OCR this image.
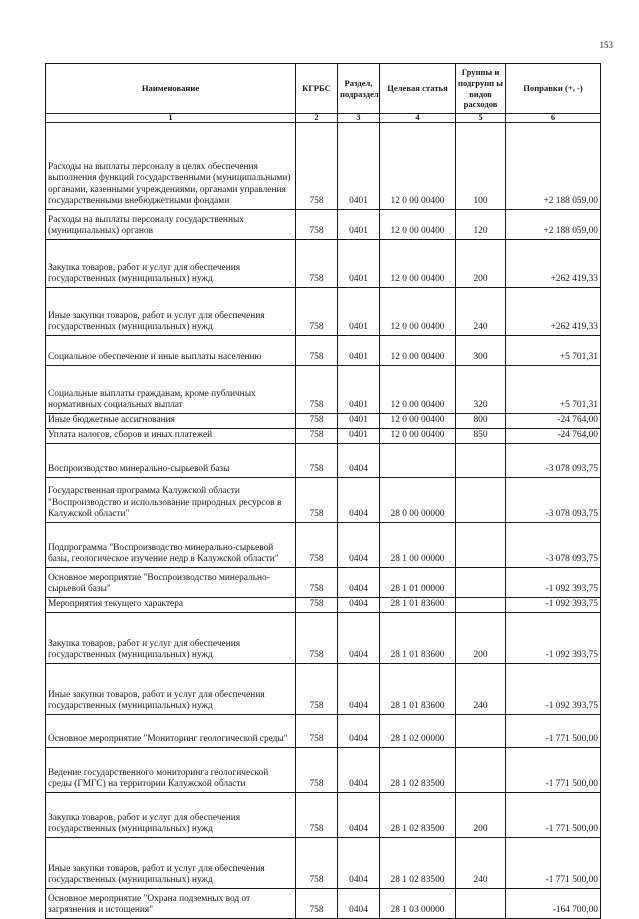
153
Наименование	КГРБС	Раздел, подраздел	Целевая статья	Группы и подгрупп ы видов расходов	Поправки (+, -)
1	2	3	4	5	6
Расходы на выплаты персоналу в целях обеспечения выполнения функций государственными (муниципальными) органами, казенными учреждениями, органами управления государственными внебюджетными фондами	758	0401	12 0 00 00400	100	+2 188 059,00
Расходы на выплаты персоналу государственных (муниципальных) органов	758	0401	12 0 00 00400	120	+2 188 059,00
Закупка товаров, работ и услуг для обеспечения государственных (муниципальных) нужд	758	0401	12 0 00 00400	200	+262 419,33
Иные закупки товаров, работ и услуг для обеспечения государственных (муниципальных) нужд	758	0401	12 0 00 00400	240	+262 419,33
Социальное обеспечение и иные выплаты населению	758	0401	12 0 00 00400	300	+5 701,31
Социальные выплаты гражданам, кроме публичных нормативных социальных выплат	758	0401	12 0 00 00400	320	+5 701,31
Иные бюджетные ассигнования	758	0401	12 0 00 00400	800	-24 764,00
Уплата налогов, сборов и иных платежей	758	0401	12 0 00 00400	850	-24 764,00
Воспроизводство минерально-сырьевой базы	758	0404			-3 078 093,75
Государственная программа Калужской области "Воспроизводство и использование природных ресурсов в Калужской области"	758	0404	28 0 00 00000		-3 078 093,75
Подпрограмма "Воспроизводство минерально-сырьевой базы, геологическое изучение недр в Калужской области"	758	0404	28 1 00 00000		-3 078 093,75
Основное мероприятие "Воспроизводство минерально-сырьевой базы"	758	0404	28 1 01 00000		-1 092 393,75
Мероприятия текущего характера	758	0404	28 1 01 83600		-1 092 393,75
Закупка товаров, работ и услуг для обеспечения государственных (муниципальных) нужд	758	0404	28 1 01 83600	200	-1 092 393,75
Иные закупки товаров, работ и услуг для обеспечения государственных (муниципальных) нужд	758	0404	28 1 01 83600	240	-1 092 393,75
Основное мероприятие "Мониторинг геологической среды"	758	0404	28 1 02 00000		-1 771 500,00
Ведение государственного мониторинга геологической среды (ГМГС) на территории Калужской области	758	0404	28 1 02 83500		-1 771 500,00
Закупка товаров, работ и услуг для обеспечения государственных (муниципальных) нужд	758	0404	28 1 02 83500	200	-1 771 500,00
Иные закупки товаров, работ и услуг для обеспечения государственных (муниципальных) нужд	758	0404	28 1 02 83500	240	-1 771 500,00
Основное мероприятие "Охрана подземных вод от загрязнения и истощения"	758	0404	28 1 03 00000		-164 700,00
